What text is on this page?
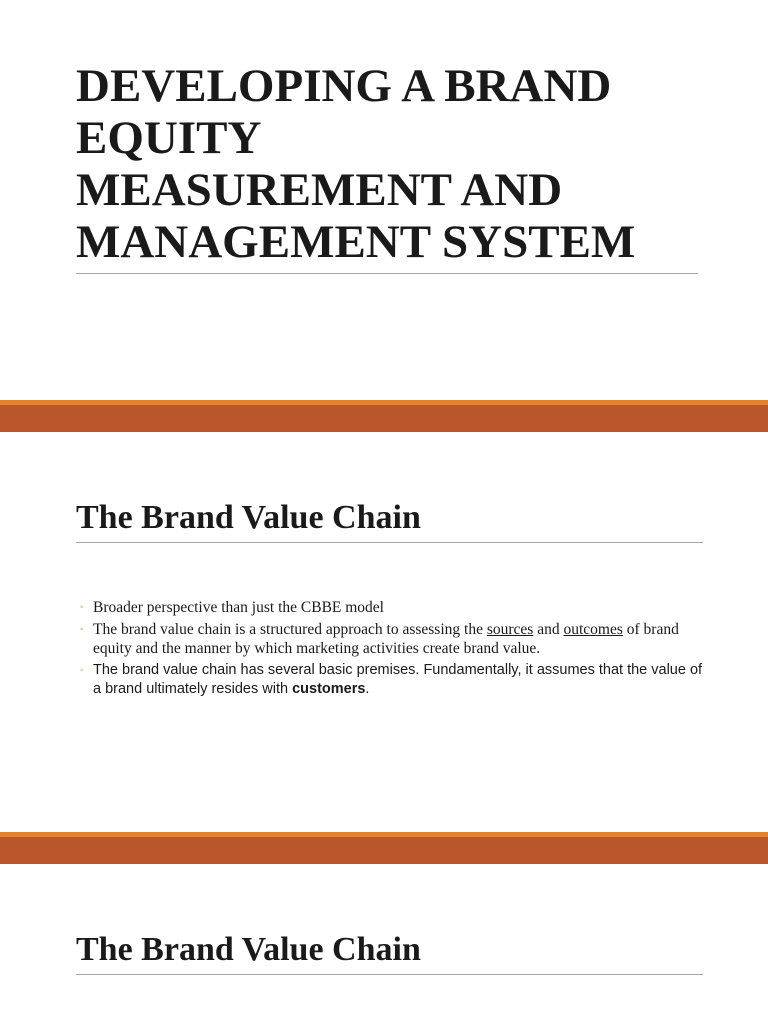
DEVELOPING A BRAND
EQUITY
MEASUREMENT AND
MANAGEMENT SYSTEM
The Brand Value Chain
◦ Broader perspective than just the CBBE model
◦ The brand value chain is a structured approach to assessing the sources and outcomes of brand equity and the manner by which marketing activities create brand value.
◦ The brand value chain has several basic premises. Fundamentally, it assumes that the value of a brand ultimately resides with customers.
The Brand Value Chain
